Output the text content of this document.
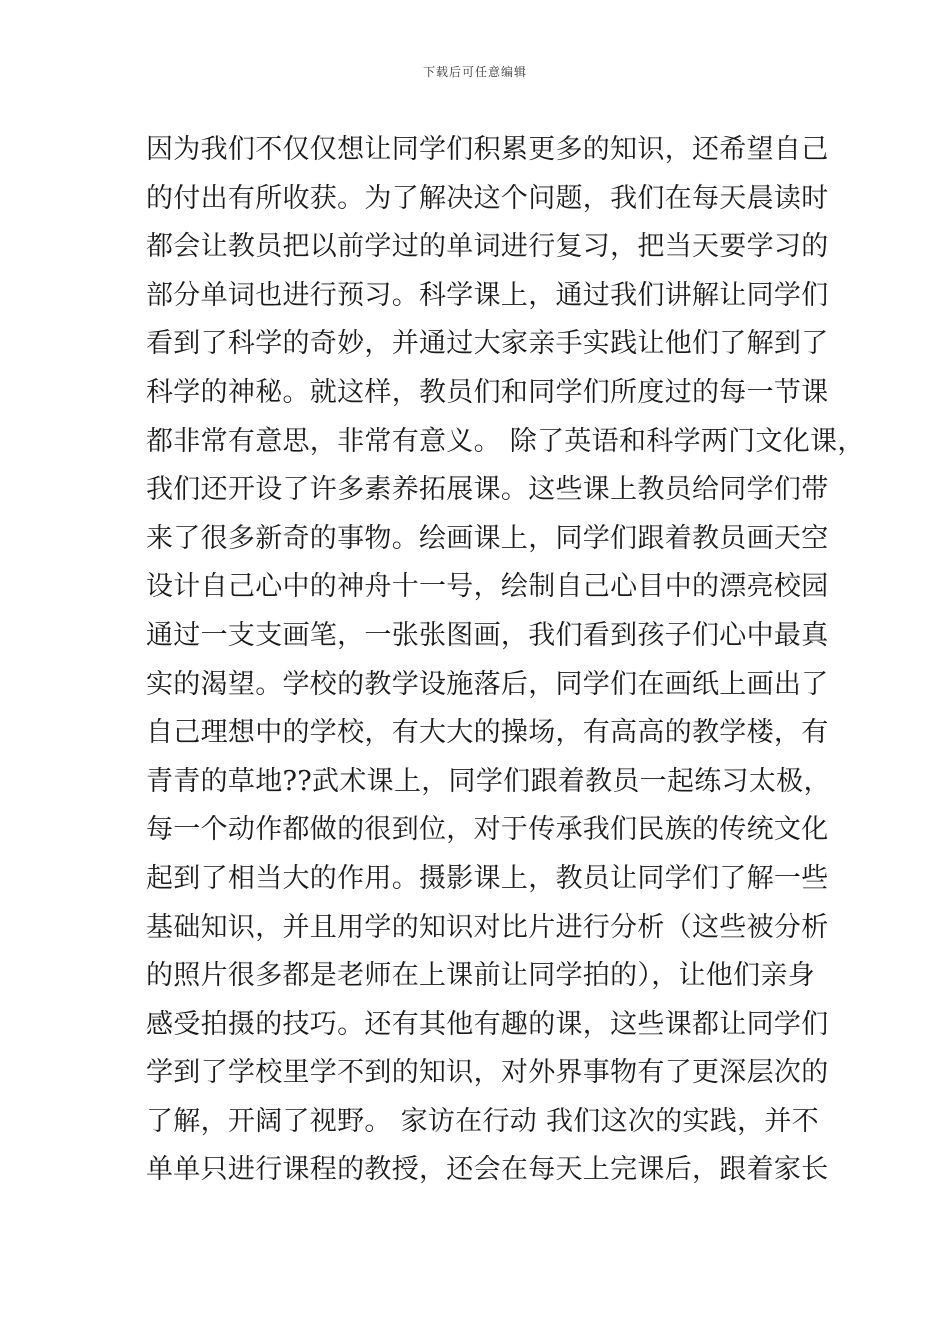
下载后可任意编辑
因为我们不仅仅想让同学们积累更多的知识，还希望自己
的付出有所收获。为了解决这个问题，我们在每天晨读时
都会让教员把以前学过的单词进行复习，把当天要学习的
部分单词也进行预习。科学课上，通过我们讲解让同学们
看到了科学的奇妙，并通过大家亲手实践让他们了解到了
科学的神秘。就这样，教员们和同学们所度过的每一节课
都非常有意思，非常有意义。 除了英语和科学两门文化课，
我们还开设了许多素养拓展课。这些课上教员给同学们带
来了很多新奇的事物。绘画课上，同学们跟着教员画天空
设计自己心中的神舟十一号，绘制自己心目中的漂亮校园
通过一支支画笔，一张张图画，我们看到孩子们心中最真
实的渴望。学校的教学设施落后，同学们在画纸上画出了
自己理想中的学校，有大大的操场，有高高的教学楼，有
青青的草地??武术课上，同学们跟着教员一起练习太极，
每一个动作都做的很到位，对于传承我们民族的传统文化
起到了相当大的作用。摄影课上，教员让同学们了解一些
基础知识，并且用学的知识对比片进行分析（这些被分析
的照片很多都是老师在上课前让同学拍的），让他们亲身
感受拍摄的技巧。还有其他有趣的课，这些课都让同学们
学到了学校里学不到的知识，对外界事物有了更深层次的
了解，开阔了视野。 家访在行动 我们这次的实践，并不
单单只进行课程的教授，还会在每天上完课后，跟着家长
